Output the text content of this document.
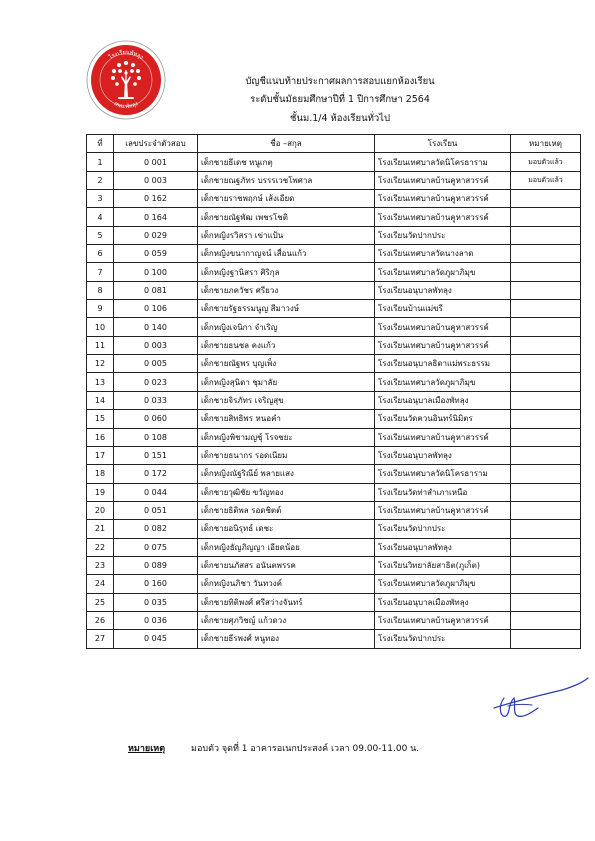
โรงเรียนพัทลุง
สพม.พัทลุง
บัญชีแนบท้ายประกาศผลการสอบแยกห้องเรียน
ระดับชั้นมัธยมศึกษาปีที่ 1 ปีการศึกษา 2564
ชั้นม.1/4 ห้องเรียนทั่วไป
ที่	เลขประจำตัวสอบ	ชื่อ –สกุล	โรงเรียน	หมายเหตุ
1	0 001	เด็กชายธีเดช หนูเกตุ	โรงเรียนเทศบาลวัดนิโครธาราม	มอบตัวแล้ว
2	0 003	เด็กชายณฐภัทร บรรรเวชโพศาล	โรงเรียนเทศบาลบ้านคูหาสวรรค์	มอบตัวแล้ว
3	0 162	เด็กชายราชพฤกษ์ เส้งเอียด	โรงเรียนเทศบาลบ้านคูหาสวรรค์	
4	0 164	เด็กชายณัฐพัฒ เพชรโชติ	โรงเรียนเทศบาลบ้านคูหาสวรรค์	
5	0 029	เด็กหญิงรวิสรา เข่าแป้น	โรงเรียนวัดปากประ	
6	0 059	เด็กหญิงขนากาญจน์ เสื่อนแก้ว	โรงเรียนเทศบาลวัดนางลาด	
7	0 100	เด็กหญิงฐานิสรา ศิริกุล	โรงเรียนเทศบาลวัดภูผาภิมุข	
8	0 081	เด็กชายภควัชร ศรียวง	โรงเรียนอนุบาลพัทลุง	
9	0 106	เด็กชายรัฐธรรมนูญ สีมาวงษ์	โรงเรียนบ้านแม่ขรี	
10	0 140	เด็กหญิงเจนิกา จำเริญ	โรงเรียนเทศบาลบ้านคูหาสวรรค์	
11	0 003	เด็กชายธนชล คงแก้ว	โรงเรียนเทศบาลบ้านคูหาสวรรค์	
12	0 005	เด็กชายณัฐพร บุญเพ็ง	โรงเรียนอนุบาลธิดาแม่พระธรรม	
13	0 023	เด็กหญิงสุนิดา ชุมาลัย	โรงเรียนเทศบาลวัดภูผาภิมุข	
14	0 033	เด็กชายจิรภัทร เจริญสุข	โรงเรียนอนุบาลเมืองพัทลุง	
15	0 060	เด็กชายสิทธิพร หนอคำ	โรงเรียนวัดควนอินทร์นิมิตร	
16	0 108	เด็กหญิงพิชามญชุ์ โรจชยะ	โรงเรียนเทศบาลบ้านคูหาสวรรค์	
17	0 151	เด็กชายธนากร รอดเนียม	โรงเรียนอนุบาลพัทลุง	
18	0 172	เด็กหญิงณัฐริณีย์ พลายแสง	โรงเรียนเทศบาลวัดนิโครธาราม	
19	0 044	เด็กชายวุฒิชัย ขวัญทอง	โรงเรียนวัดท่าสำเภาเหนือ	
20	0 051	เด็กชายธิติพล รอดชิตต์	โรงเรียนเทศบาลบ้านคูหาสวรรค์	
21	0 082	เด็กชายอนิรุทธ์ เดชะ	โรงเรียนวัดปากประ	
22	0 075	เด็กหญิงธัญภิญญา เอียดน้อย	โรงเรียนอนุบาลพัทลุง	
23	0 089	เด็กชายนภัสสร อนันตพรรค	โรงเรียนวิทยาลัยสาธิต(ภูเก็ต)	
24	0 160	เด็กหญิงนภิชา วันทวงค์	โรงเรียนเทศบาลวัดภูผาภิมุข	
25	0 035	เด็กชายทิติพงศ์ ศรีสว่างจันทร์	โรงเรียนอนุบาลเมืองพัทลุง	
26	0 036	เด็กชายศุภวิชญ์ แก้วดวง	โรงเรียนเทศบาลบ้านคูหาสวรรค์	
27	0 045	เด็กชายธีรพงศ์ หนูทอง	โรงเรียนวัดปากประ	
หมายเหตุ	มอบตัว จุดที่ 1 อาคารอเนกประสงค์ เวลา 09.00-11.00 น.
